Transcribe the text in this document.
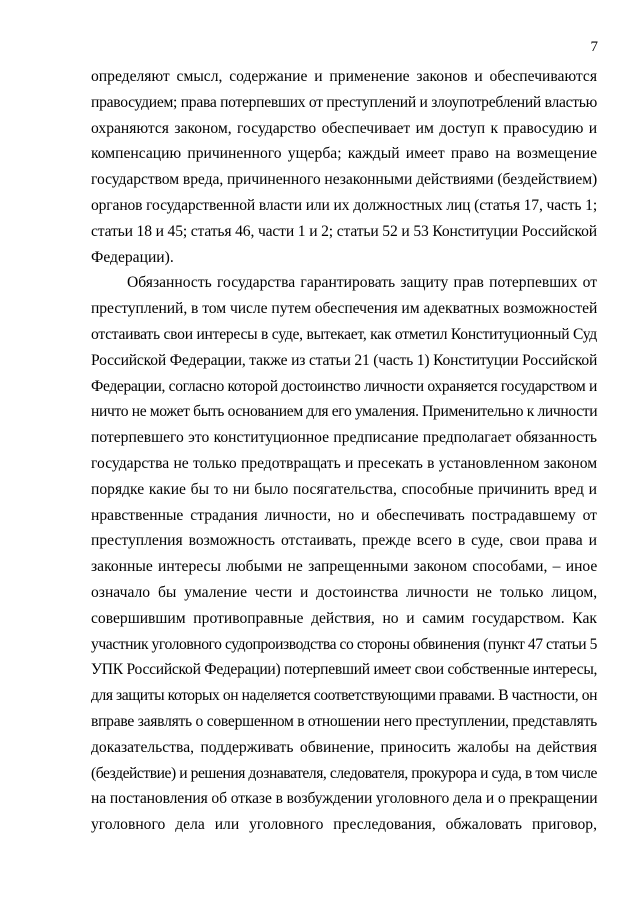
7
определяют смысл, содержание и применение законов и обеспечиваются
правосудием; права потерпевших от преступлений и злоупотреблений властью
охраняются законом, государство обеспечивает им доступ к правосудию и
компенсацию причиненного ущерба; каждый имеет право на возмещение
государством вреда, причиненного незаконными действиями (бездействием)
органов государственной власти или их должностных лиц (статья 17, часть 1;
статьи 18 и 45; статья 46, части 1 и 2; статьи 52 и 53 Конституции Российской
Федерации).
Обязанность государства гарантировать защиту прав потерпевших от
преступлений, в том числе путем обеспечения им адекватных возможностей
отстаивать свои интересы в суде, вытекает, как отметил Конституционный Суд
Российской Федерации, также из статьи 21 (часть 1) Конституции Российской
Федерации, согласно которой достоинство личности охраняется государством и
ничто не может быть основанием для его умаления. Применительно к личности
потерпевшего это конституционное предписание предполагает обязанность
государства не только предотвращать и пресекать в установленном законом
порядке какие бы то ни было посягательства, способные причинить вред и
нравственные страдания личности, но и обеспечивать пострадавшему от
преступления возможность отстаивать, прежде всего в суде, свои права и
законные интересы любыми не запрещенными законом способами, – иное
означало бы умаление чести и достоинства личности не только лицом,
совершившим противоправные действия, но и самим государством. Как
участник уголовного судопроизводства со стороны обвинения (пункт 47 статьи 5
УПК Российской Федерации) потерпевший имеет свои собственные интересы,
для защиты которых он наделяется соответствующими правами. В частности, он
вправе заявлять о совершенном в отношении него преступлении, представлять
доказательства, поддерживать обвинение, приносить жалобы на действия
(бездействие) и решения дознавателя, следователя, прокурора и суда, в том числе
на постановления об отказе в возбуждении уголовного дела и о прекращении
уголовного дела или уголовного преследования, обжаловать приговор,
